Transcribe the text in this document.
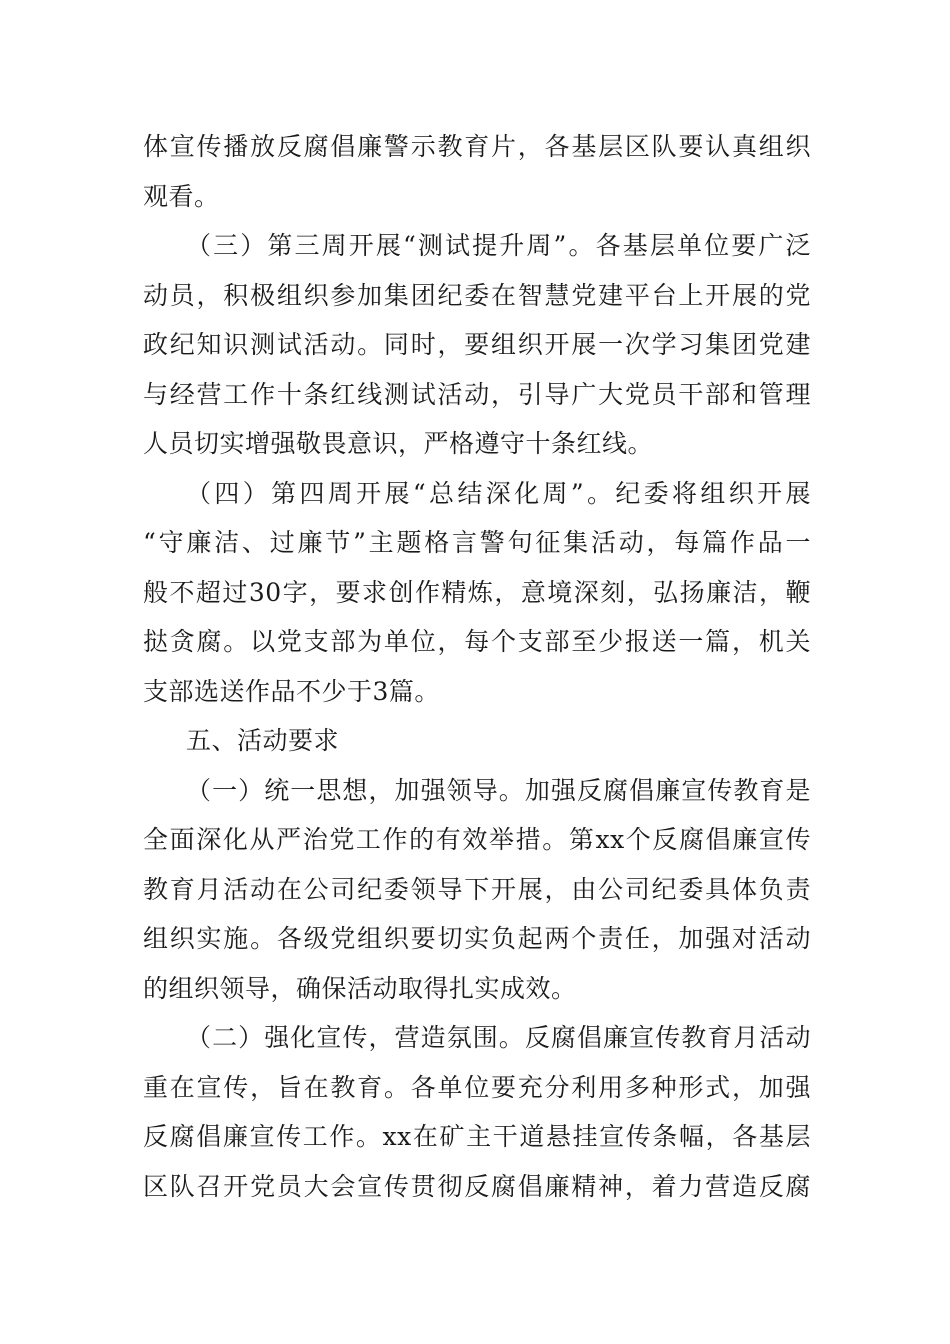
体宣传播放反腐倡廉警示教育片，各基层区队要认真组织
观看。
（三）第三周开展“测试提升周”。各基层单位要广泛
动员，积极组织参加集团纪委在智慧党建平台上开展的党
政纪知识测试活动。同时，要组织开展一次学习集团党建
与经营工作十条红线测试活动，引导广大党员干部和管理
人员切实增强敬畏意识，严格遵守十条红线。
（四）第四周开展“总结深化周”。纪委将组织开展
“守廉洁、过廉节”主题格言警句征集活动，每篇作品一
般不超过30字，要求创作精炼，意境深刻，弘扬廉洁，鞭
挞贪腐。以党支部为单位，每个支部至少报送一篇，机关
支部选送作品不少于3篇。
五、活动要求
（一）统一思想，加强领导。加强反腐倡廉宣传教育是
全面深化从严治党工作的有效举措。第xx个反腐倡廉宣传
教育月活动在公司纪委领导下开展，由公司纪委具体负责
组织实施。各级党组织要切实负起两个责任，加强对活动
的组织领导，确保活动取得扎实成效。
（二）强化宣传，营造氛围。反腐倡廉宣传教育月活动
重在宣传，旨在教育。各单位要充分利用多种形式，加强
反腐倡廉宣传工作。xx在矿主干道悬挂宣传条幅，各基层
区队召开党员大会宣传贯彻反腐倡廉精神，着力营造反腐
